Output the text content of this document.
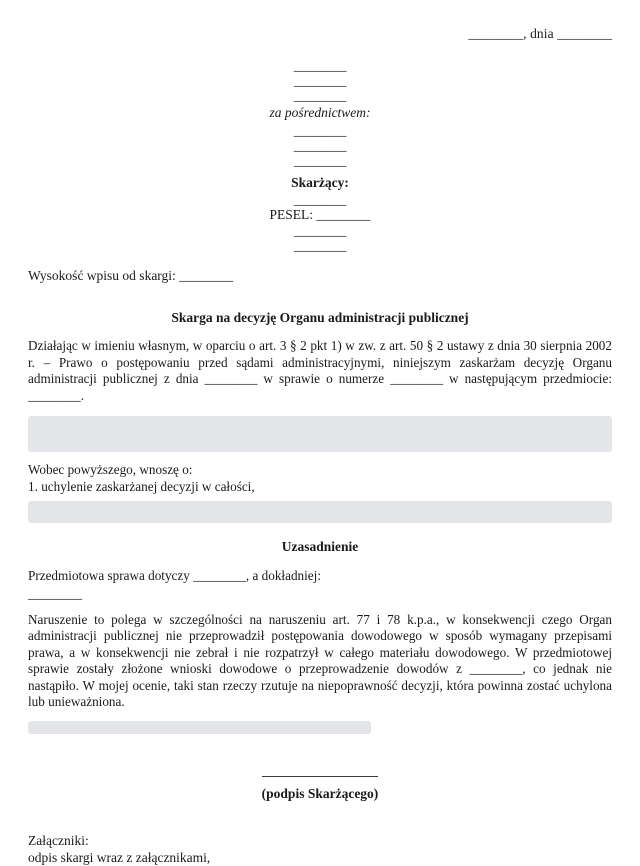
________, dnia ________
________
________
________
za pośrednictwem:
________
________
________
Skarżący:
________
PESEL: ________
________
________
Wysokość wpisu od skargi: ________
Skarga na decyzję Organu administracji publicznej

Działając w imieniu własnym, w oparciu o art. 3 § 2 pkt 1) w zw. z art. 50 § 2 ustawy z dnia 30 sierpnia 2002 r. – Prawo o postępowaniu przed sądami administracyjnymi, niniejszym zaskarżam decyzję Organu administracji publicznej z dnia ________ w sprawie o numerze ________ w następującym przedmiocie: ________.

Wobec powyższego, wnoszę o:

1. uchylenie zaskarżanej decyzji w całości,

Uzasadnienie

Przedmiotowa sprawa dotyczy ________, a dokładniej:

________

Naruszenie to polega w szczególności na naruszeniu art. 77 i 78 k.p.a., w konsekwencji czego Organ administracji publicznej nie przeprowadził postępowania dowodowego w sposób wymagany przepisami prawa, a w konsekwencji nie zebrał i nie rozpatrzył w całego materiału dowodowego. W przedmiotowej sprawie zostały złożone wnioski dowodowe o przeprowadzenie dowodów z ________, co jednak nie nastąpiło. W mojej ocenie, taki stan rzeczy rzutuje na niepoprawność decyzji, która powinna zostać uchylona lub unieważniona.

(podpis Skarżącego)
Załączniki:
odpis skargi wraz z załącznikami,
